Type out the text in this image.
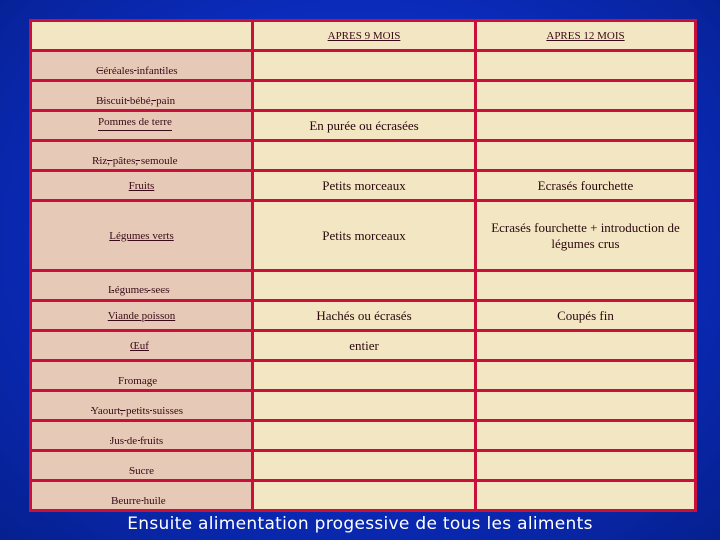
	APRES 9 MOIS	APRES 12 MOIS
Céréales infantiles		
Biscuit bébé, pain		
Pommes de terre	En purée ou écrasées	
Riz, pâtes, semoule		
Fruits	Petits morceaux	Ecrasés fourchette
Légumes verts	Petits morceaux	Ecrasés fourchette + introduction de légumes crus
Légumes secs		
Viande poisson	Hachés ou écrasés	Coupés fin
Œuf	entier	
Fromage		
Yaourt, petits suisses		
Jus de fruits		
Sucre		
Beurre huile		
Ensuite alimentation progessive de tous les aliments
